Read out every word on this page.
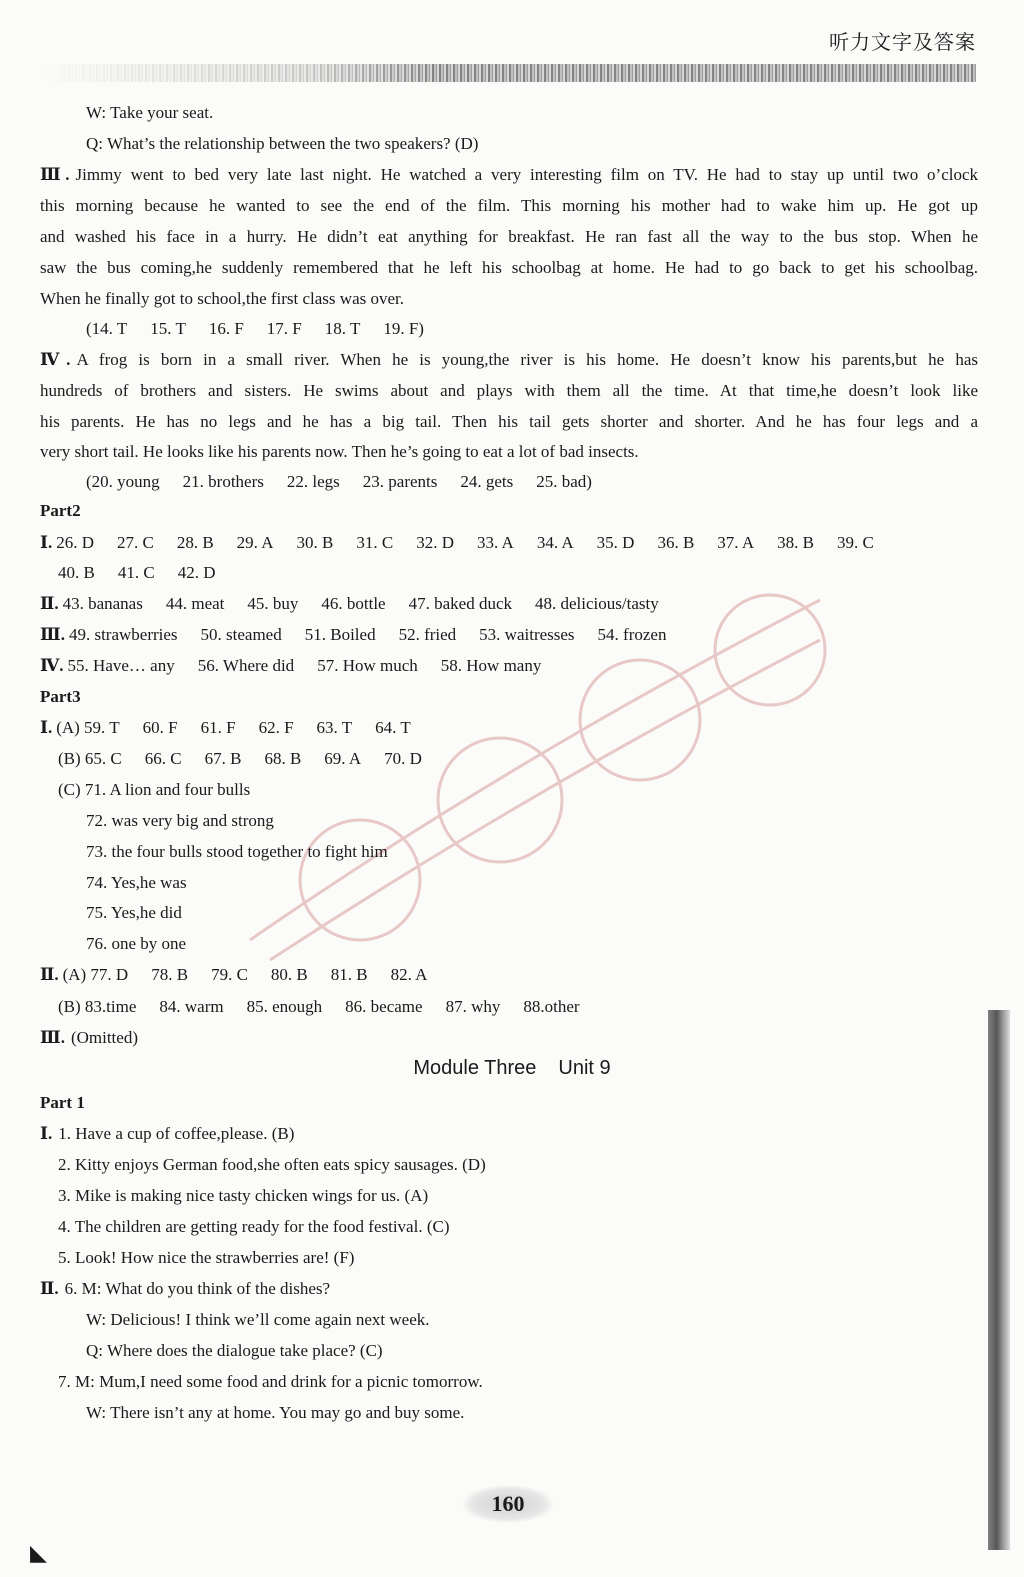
听力文字及答案
W: Take your seat.
Q: What’s the relationship between the two speakers? (D)
Ⅲ. Jimmy went to bed very late last night. He watched a very interesting film on TV. He had to stay up until two o’clock
this morning because he wanted to see the end of the film. This morning his mother had to wake him up. He got up
and washed his face in a hurry. He didn’t eat anything for breakfast. He ran fast all the way to the bus stop. When he
saw the bus coming,he suddenly remembered that he left his schoolbag at home. He had to go back to get his schoolbag.
When he finally got to school,the first class was over.
(14. T 15. T 16. F 17. F 18. T 19. F)
Ⅳ. A frog is born in a small river. When he is young,the river is his home. He doesn’t know his parents,but he has
hundreds of brothers and sisters. He swims about and plays with them all the time. At that time,he doesn’t look like
his parents. He has no legs and he has a big tail. Then his tail gets shorter and shorter. And he has four legs and a
very short tail. He looks like his parents now. Then he’s going to eat a lot of bad insects.
(20. young 21. brothers 22. legs 23. parents 24. gets 25. bad)
Part2
Ⅰ. 26. D 27. C 28. B 29. A 30. B 31. C 32. D 33. A 34. A 35. D 36. B 37. A 38. B 39. C
40. B 41. C 42. D
Ⅱ. 43. bananas 44. meat 45. buy 46. bottle 47. baked duck 48. delicious/tasty
Ⅲ. 49. strawberries 50. steamed 51. Boiled 52. fried 53. waitresses 54. frozen
Ⅳ. 55. Have… any 56. Where did 57. How much 58. How many
Part3
Ⅰ. (A) 59. T 60. F 61. F 62. F 63. T 64. T
(B) 65. C 66. C 67. B 68. B 69. A 70. D
(C) 71. A lion and four bulls
72. was very big and strong
73. the four bulls stood together to fight him
74. Yes,he was
75. Yes,he did
76. one by one
Ⅱ. (A) 77. D 78. B 79. C 80. B 81. B 82. A
(B) 83.time 84. warm 85. enough 86. became 87. why 88.other
Ⅲ. (Omitted)
Module Three Unit 9
Part 1
Ⅰ. 1. Have a cup of coffee,please. (B)
2. Kitty enjoys German food,she often eats spicy sausages. (D)
3. Mike is making nice tasty chicken wings for us. (A)
4. The children are getting ready for the food festival. (C)
5. Look! How nice the strawberries are! (F)
Ⅱ. 6. M: What do you think of the dishes?
W: Delicious! I think we’ll come again next week.
Q: Where does the dialogue take place? (C)
7. M: Mum,I need some food and drink for a picnic tomorrow.
W: There isn’t any at home. You may go and buy some.
160
◣
